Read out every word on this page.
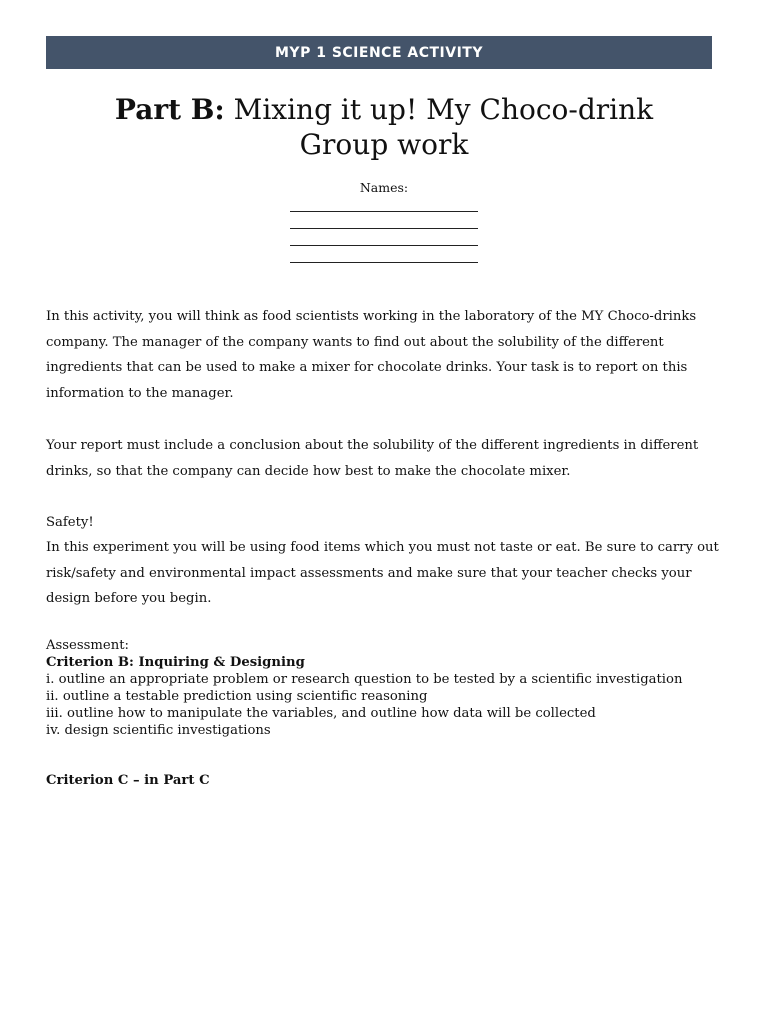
MYP 1 SCIENCE ACTIVITY
Part B: Mixing it up! My Choco-drink
Group work
Names:

In this activity, you will think as food scientists working in the laboratory of the MY Choco-drinks company. The manager of the company wants to find out about the solubility of the different ingredients that can be used to make a mixer for chocolate drinks. Your task is to report on this information to the manager.

Your report must include a conclusion about the solubility of the different ingredients in different drinks, so that the company can decide how best to make the chocolate mixer.

Safety!

In this experiment you will be using food items which you must not taste or eat. Be sure to carry out risk/safety and environmental impact assessments and make sure that your teacher checks your design before you begin.

Assessment:
Criterion B: Inquiring & Designing
i. outline an appropriate problem or research question to be tested by a scientific investigation
ii. outline a testable prediction using scientific reasoning
iii. outline how to manipulate the variables, and outline how data will be collected
iv. design scientific investigations
Criterion C – in Part C
